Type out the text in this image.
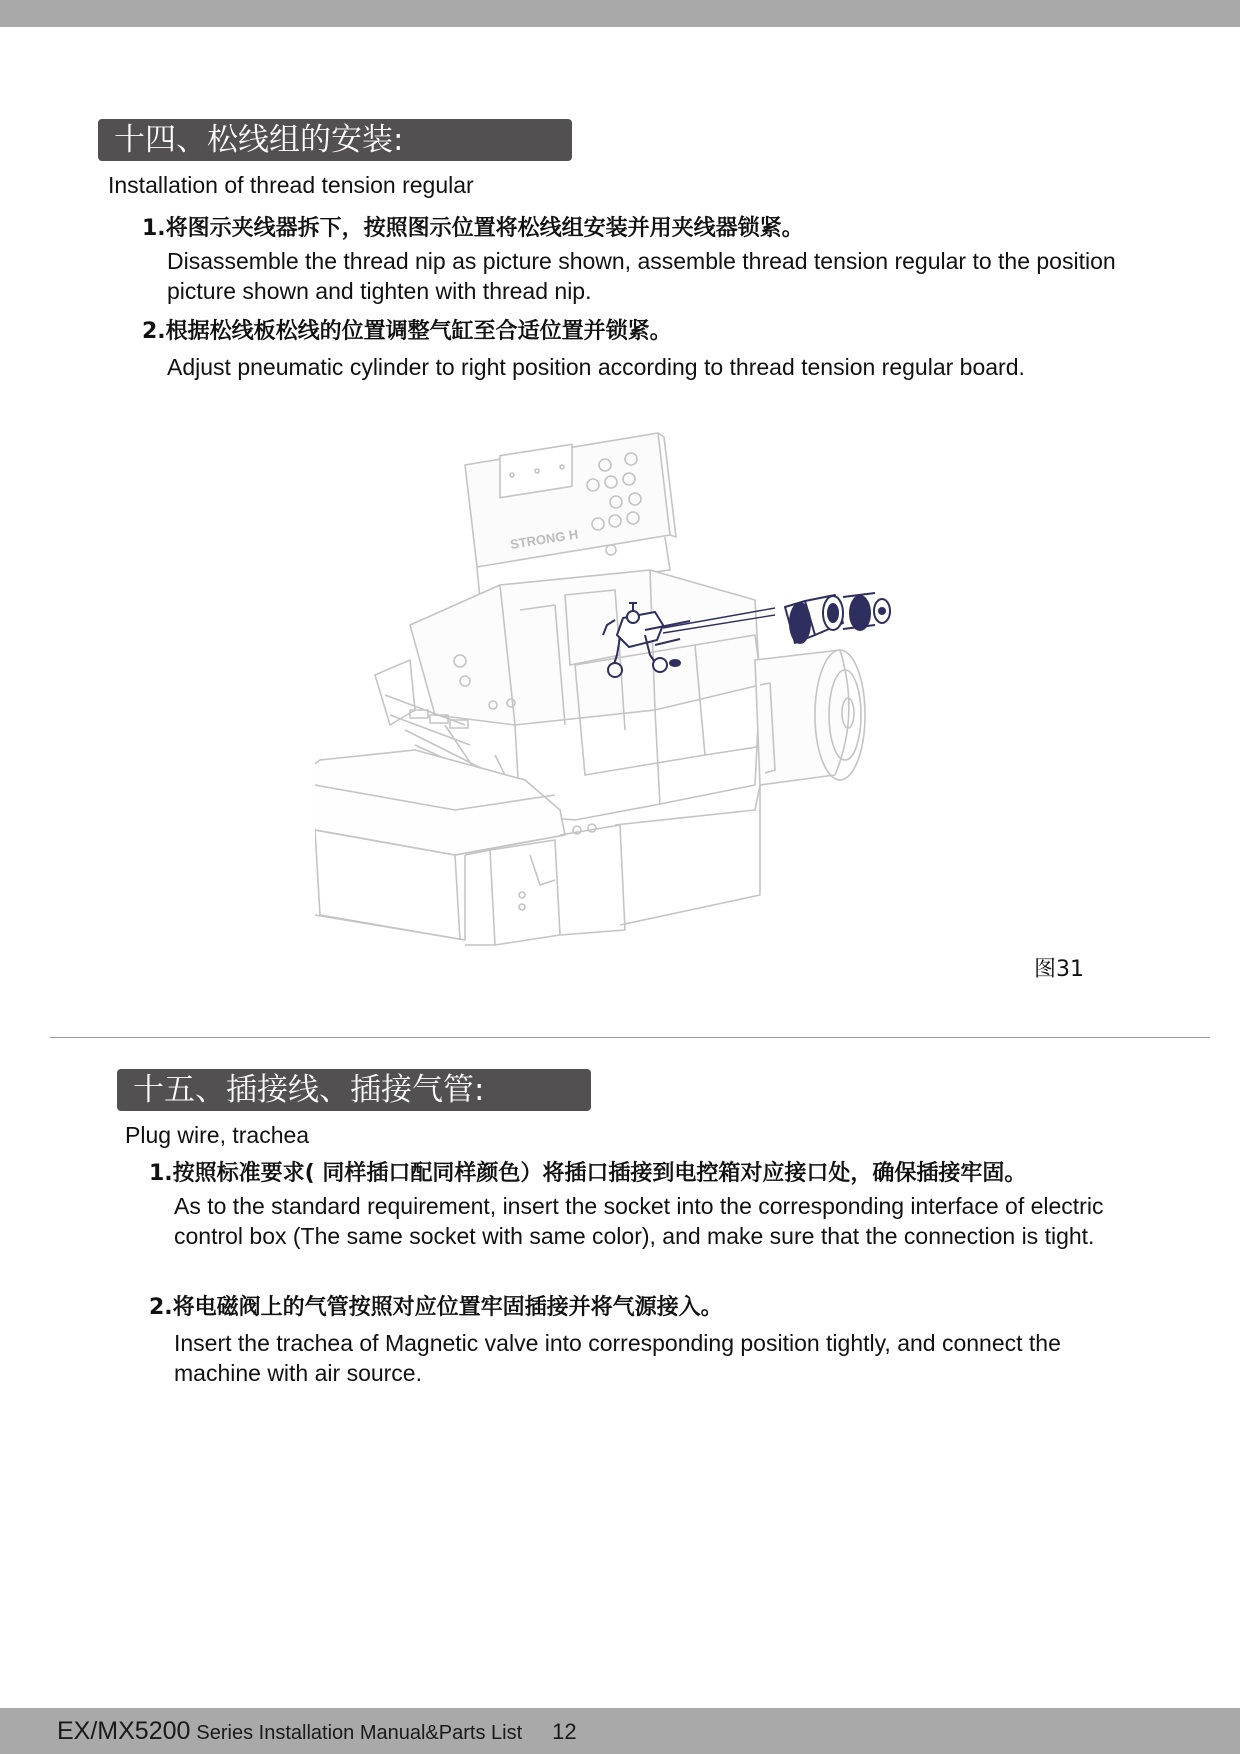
十四、松线组的安装:
Installation of thread tension regular
1.将图示夹线器拆下，按照图示位置将松线组安装并用夹线器锁紧。
Disassemble the thread nip as picture shown, assemble thread tension regular to the position picture shown and tighten with thread nip.
2.根据松线板松线的位置调整气缸至合适位置并锁紧。
Adjust pneumatic cylinder to right position according to thread tension regular board.
STRONG H
图31
十五、插接线、插接气管:
Plug wire, trachea
1.按照标准要求( 同样插口配同样颜色）将插口插接到电控箱对应接口处，确保插接牢固。
As to the standard requirement, insert the socket into the corresponding interface of electric control box (The same socket with same color), and make sure that the connection is tight.
2.将电磁阀上的气管按照对应位置牢固插接并将气源接入。
Insert the trachea of Magnetic valve into corresponding position tightly, and connect the machine with air source.
EX/MX5200 Series Installation Manual&Parts List 12
